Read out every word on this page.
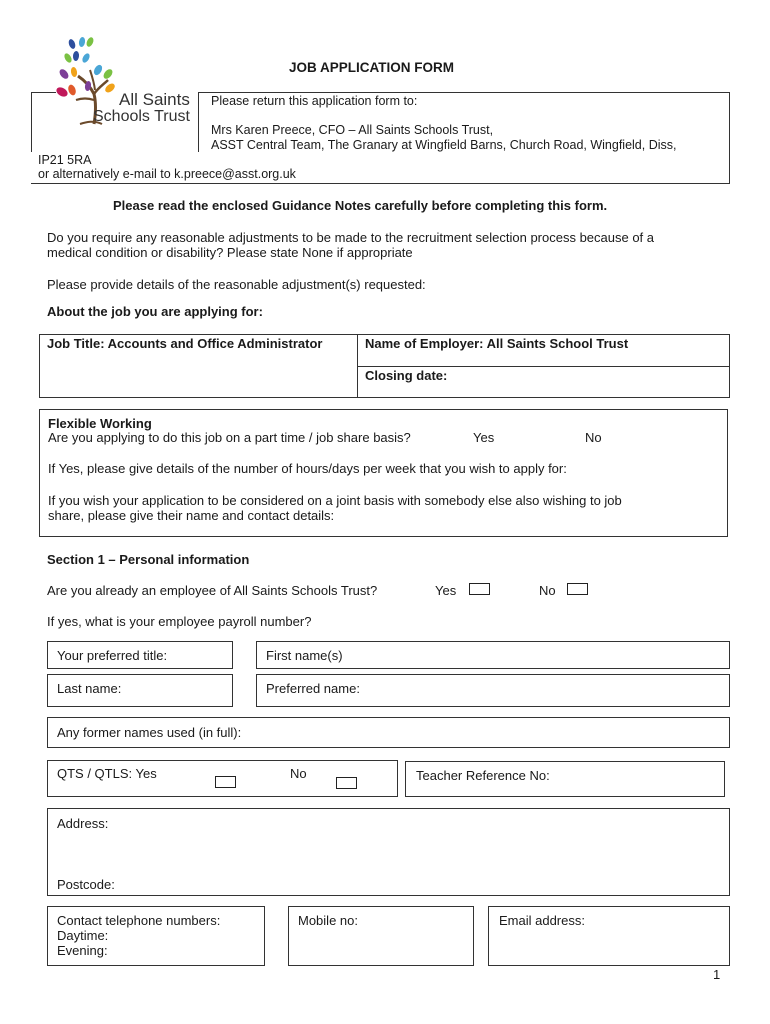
All Saints
Schools Trust
JOB APPLICATION FORM
Please return this application form to:
Mrs Karen Preece, CFO – All Saints Schools Trust,
ASST Central Team, The Granary at Wingfield Barns, Church Road, Wingfield, Diss,
IP21 5RA
or alternatively e-mail to k.preece@asst.org.uk
Please read the enclosed Guidance Notes carefully before completing this form.
Do you require any reasonable adjustments to be made to the recruitment selection process because of a
medical condition or disability? Please state None if appropriate
Please provide details of the reasonable adjustment(s) requested:
About the job you are applying for:
Job Title: Accounts and Office Administrator	Name of Employer: All Saints School Trust
Closing date:
Flexible Working
Are you applying to do this job on a part time / job share basis?	Yes	No
If Yes, please give details of the number of hours/days per week that you wish to apply for:
If you wish your application to be considered on a joint basis with somebody else also wishing to job
share, please give their name and contact details:
Section 1 – Personal information
Are you already an employee of All Saints Schools Trust?	Yes	No
If yes, what is your employee payroll number?
Your preferred title:	First name(s)
Last name:	Preferred name:
Any former names used (in full):
QTS / QTLS: Yes	No	Teacher Reference No:
Address:
Postcode:
Contact telephone numbers:
Daytime:
Evening:
Mobile no:	Email address:
1
